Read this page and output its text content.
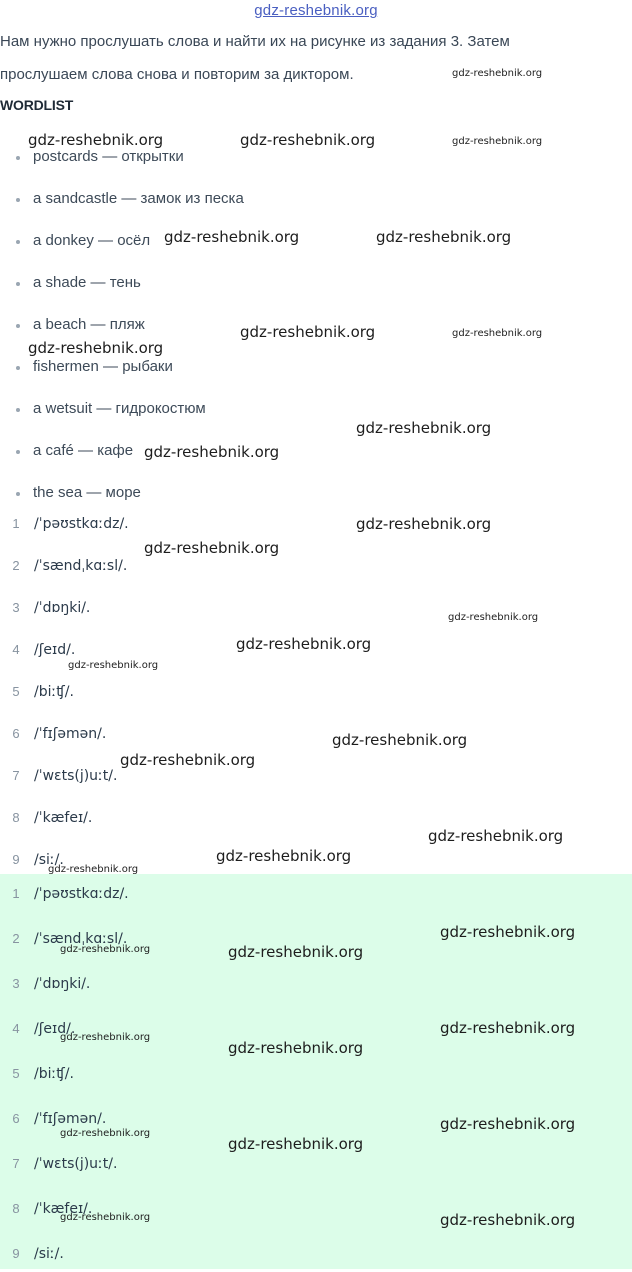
gdz-reshebnik.org

Нам нужно прослушать слова и найти их на рисунке из задания 3. Затем

прослушаем слова снова и повторим за диктором.

WORDLIST
postcards — открытки
a sandcastle — замок из песка
a donkey — осёл
a shade — тень
a beach — пляж
fishermen — рыбаки
a wetsuit — гидрокостюм
a café — кафе
the sea — море
1	/ˈpəʊstkɑːdz/.
2	/ˈsændˌkɑːsl/.
3	/ˈdɒŋki/.
4	/ʃeɪd/.
5	/biːʧ/.
6	/ˈfɪʃəmən/.
7	/ˈwɛts(j)uːt/.
8	/ˈkæfeɪ/.
9	/siː/.
1	/ˈpəʊstkɑːdz/.
2	/ˈsændˌkɑːsl/.
3	/ˈdɒŋki/.
4	/ʃeɪd/.
5	/biːʧ/.
6	/ˈfɪʃəmən/.
7	/ˈwɛts(j)uːt/.
8	/ˈkæfeɪ/.
9	/siː/.
gdz-reshebnik.org
gdz-reshebnik.org	gdz-reshebnik.org	gdz-reshebnik.org
gdz-reshebnik.org	gdz-reshebnik.org
gdz-reshebnik.org	gdz-reshebnik.org
gdz-reshebnik.org
gdz-reshebnik.org
gdz-reshebnik.org
gdz-reshebnik.org
gdz-reshebnik.org
gdz-reshebnik.org
gdz-reshebnik.org
gdz-reshebnik.org
gdz-reshebnik.org
gdz-reshebnik.org
gdz-reshebnik.org
gdz-reshebnik.org
gdz-reshebnik.org
gdz-reshebnik.org
gdz-reshebnik.org	gdz-reshebnik.org
gdz-reshebnik.org
gdz-reshebnik.org
gdz-reshebnik.org
gdz-reshebnik.org
gdz-reshebnik.org
gdz-reshebnik.org
gdz-reshebnik.org	gdz-reshebnik.org
